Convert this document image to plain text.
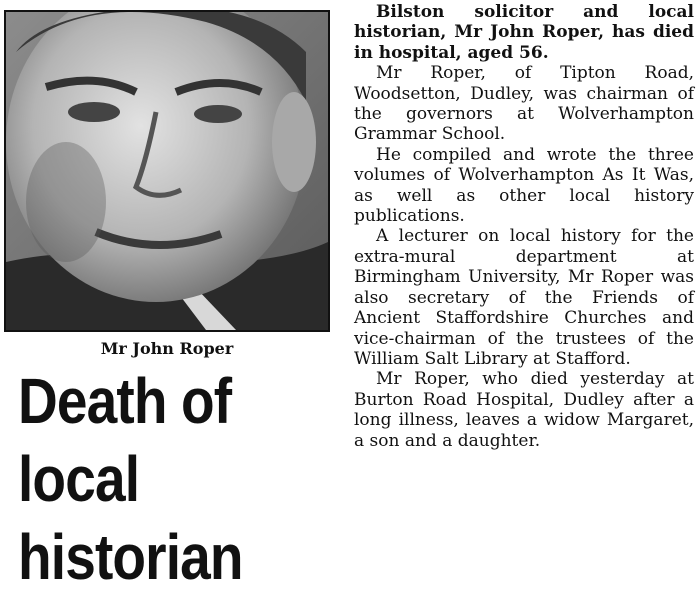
Mr John Roper
Death of
local
historian

Bilston solicitor and local historian, Mr John Roper, has died in hospital, aged 56.

Mr Roper, of Tipton Road, Woodsetton, Dudley, was chairman of the governors at Wolverhampton Grammar School.

He compiled and wrote the three volumes of Wolverhampton As It Was, as well as other local history publications.

A lecturer on local history for the extra-mural department at Birmingham University, Mr Roper was also secretary of the Friends of Ancient Staffordshire Churches and vice-chairman of the trustees of the William Salt Library at Stafford.

Mr Roper, who died yesterday at Burton Road Hospital, Dudley after a long illness, leaves a widow Margaret, a son and a daughter.
